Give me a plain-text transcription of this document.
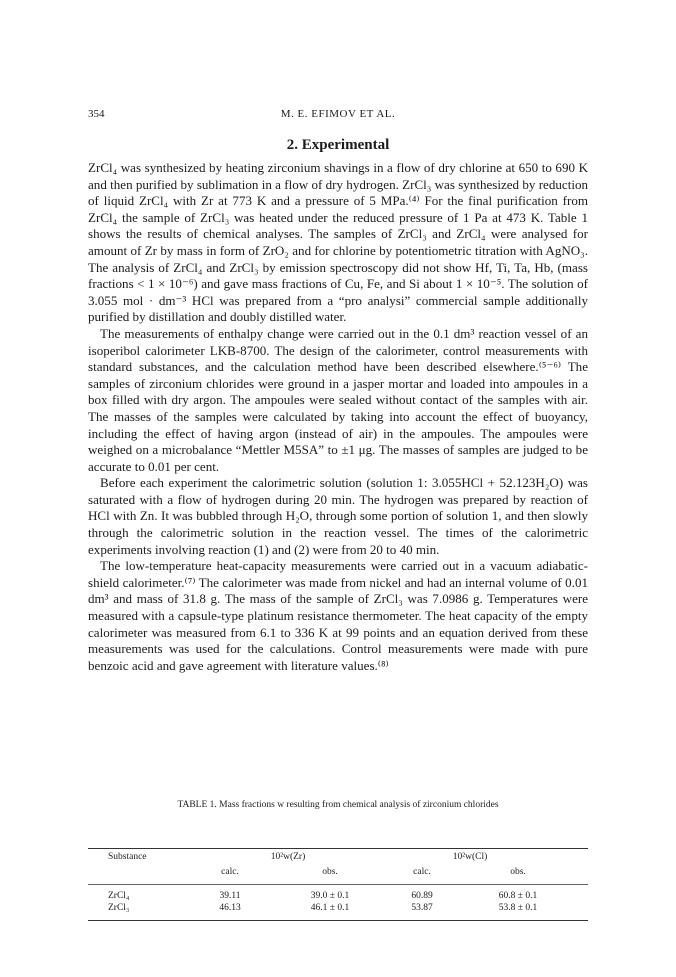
354	M. E. EFIMOV ET AL.
2. Experimental

ZrCl₄ was synthesized by heating zirconium shavings in a flow of dry chlorine at 650 to 690 K and then purified by sublimation in a flow of dry hydrogen. ZrCl₃ was synthesized by reduction of liquid ZrCl₄ with Zr at 773 K and a pressure of 5 MPa.⁽⁴⁾ For the final purification from ZrCl₄ the sample of ZrCl₃ was heated under the reduced pressure of 1 Pa at 473 K. Table 1 shows the results of chemical analyses. The samples of ZrCl₃ and ZrCl₄ were analysed for amount of Zr by mass in form of ZrO₂ and for chlorine by potentiometric titration with AgNO₃. The analysis of ZrCl₄ and ZrCl₃ by emission spectroscopy did not show Hf, Ti, Ta, Hb, (mass fractions < 1 × 10⁻⁶) and gave mass fractions of Cu, Fe, and Si about 1 × 10⁻⁵. The solution of 3.055 mol · dm⁻³ HCl was prepared from a “pro analysi” commercial sample additionally purified by distillation and doubly distilled water.

The measurements of enthalpy change were carried out in the 0.1 dm³ reaction vessel of an isoperibol calorimeter LKB-8700. The design of the calorimeter, control measurements with standard substances, and the calculation method have been described elsewhere.⁽⁵⁻⁶⁾ The samples of zirconium chlorides were ground in a jasper mortar and loaded into ampoules in a box filled with dry argon. The ampoules were sealed without contact of the samples with air. The masses of the samples were calculated by taking into account the effect of buoyancy, including the effect of having argon (instead of air) in the ampoules. The ampoules were weighed on a microbalance “Mettler M5SA” to ±1 μg. The masses of samples are judged to be accurate to 0.01 per cent.

Before each experiment the calorimetric solution (solution 1: 3.055HCl + 52.123H₂O) was saturated with a flow of hydrogen during 20 min. The hydrogen was prepared by reaction of HCl with Zn. It was bubbled through H₂O, through some portion of solution 1, and then slowly through the calorimetric solution in the reaction vessel. The times of the calorimetric experiments involving reaction (1) and (2) were from 20 to 40 min.

The low-temperature heat-capacity measurements were carried out in a vacuum adiabatic-shield calorimeter.⁽⁷⁾ The calorimeter was made from nickel and had an internal volume of 0.01 dm³ and mass of 31.8 g. The mass of the sample of ZrCl₃ was 7.0986 g. Temperatures were measured with a capsule-type platinum resistance thermometer. The heat capacity of the empty calorimeter was measured from 6.1 to 336 K at 99 points and an equation derived from these measurements was used for the calculations. Control measurements were made with pure benzoic acid and gave agreement with literature values.⁽⁸⁾

TABLE 1. Mass fractions w resulting from chemical analysis of zirconium chlorides
Substance	10²w(Zr)	10²w(Cl)
calc.	obs.	calc.	obs.
ZrCl₄	39.11	39.0 ± 0.1	60.89	60.8 ± 0.1
ZrCl₃	46.13	46.1 ± 0.1	53.87	53.8 ± 0.1
